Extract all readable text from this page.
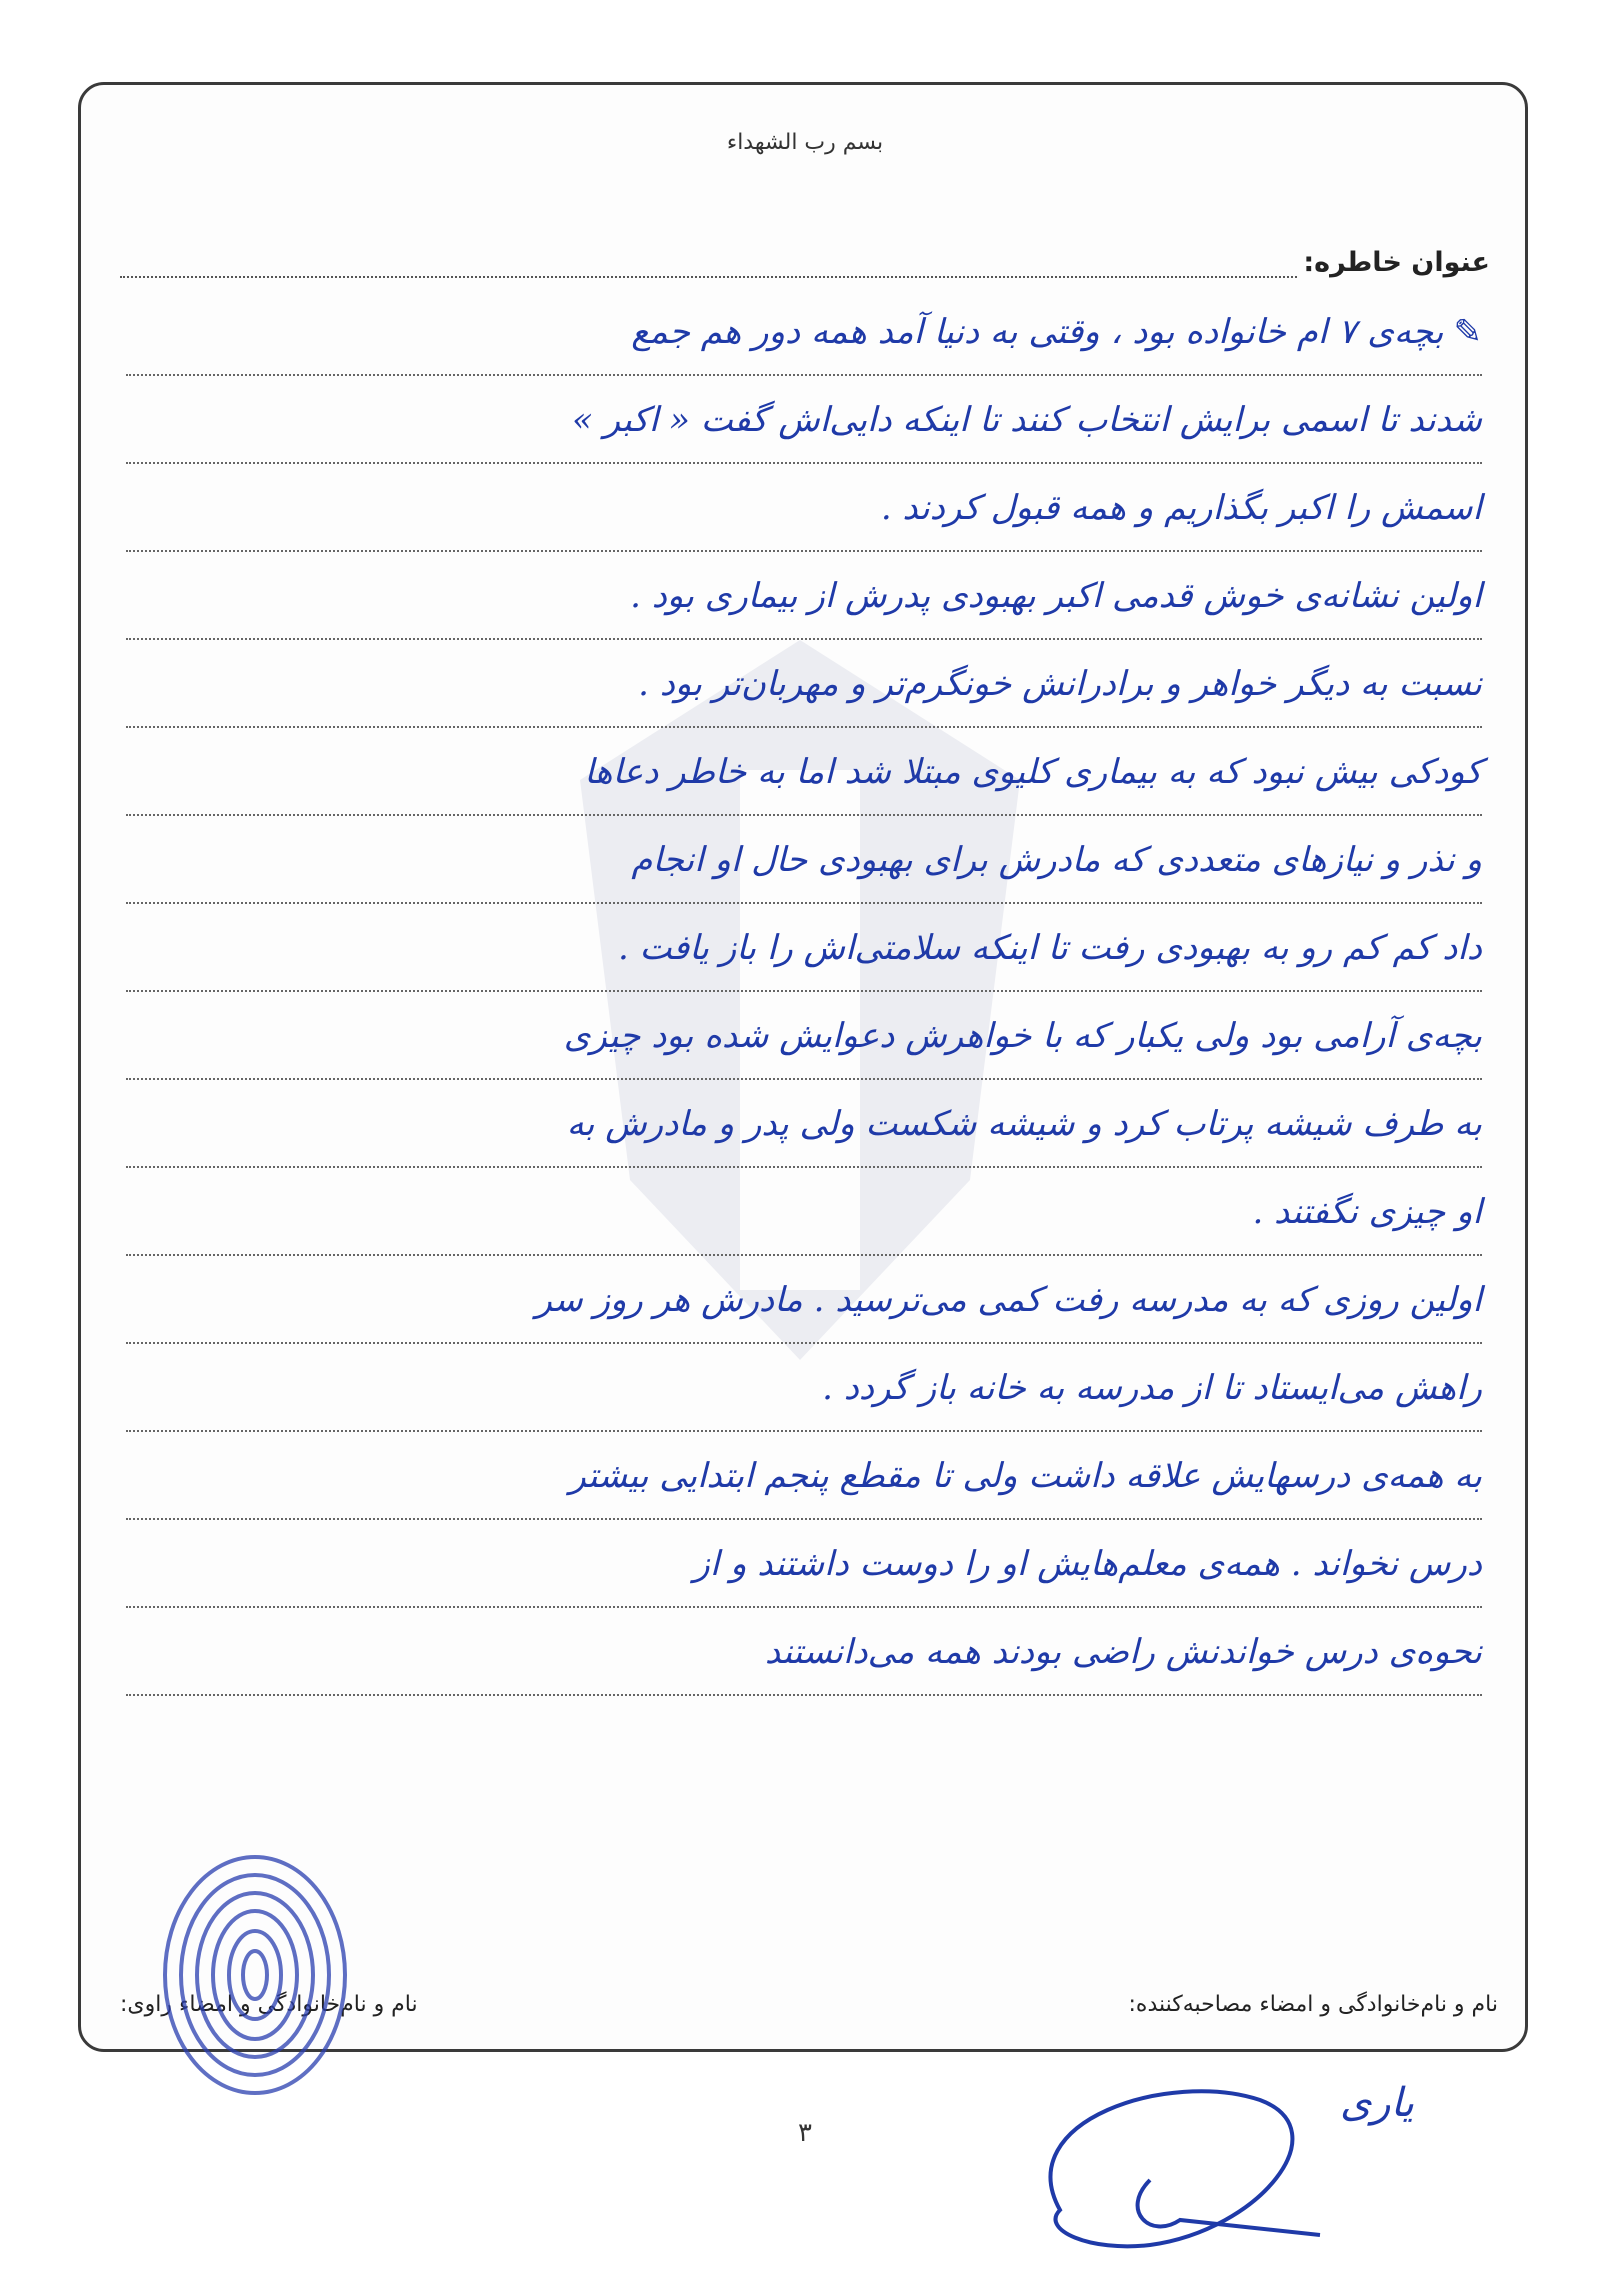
بسم رب الشهداء
عنوان خاطره:
✎بچه‌ی ۷ ام خانواده بود ، وقتی به دنیا آمد همه دور هم جمع
شدند تا اسمی برایش انتخاب کنند تا اینکه دایی‌اش گفت « اکبر »
اسمش را اکبر بگذاریم و همه قبول کردند .
اولین نشانه‌ی خوش قدمی اکبر بهبودی پدرش از بیماری بود .
نسبت به دیگر خواهر و برادرانش خونگرم‌تر و مهربان‌تر بود .
کودکی بیش نبود که به بیماری کلیوی مبتلا شد اما به خاطر دعاها
و نذر و نیازهای متعددی که مادرش برای بهبودی حال او انجام
داد کم کم رو به بهبودی رفت تا اینکه سلامتی‌اش را باز یافت .
بچه‌ی آرامی بود ولی یکبار که با خواهرش دعوایش شده بود چیزی
به طرف شیشه پرتاب کرد و شیشه شکست ولی پدر و مادرش به
او چیزی نگفتند .
اولین روزی که به مدرسه رفت کمی می‌ترسید . مادرش هر روز سر
راهش می‌ایستاد تا از مدرسه به خانه باز گردد .
به همه‌ی درسهایش علاقه داشت ولی تا مقطع پنجم ابتدایی بیشتر
درس نخواند . همه‌ی معلم‌هایش او را دوست داشتند و از
نحوه‌ی درس خواندنش راضی بودند همه می‌دانستند
نام و نام‌خانوادگی و امضاء مصاحبه‌کننده:
نام و نام‌خانوادگی و امضاء راوی:
یاری
۳
